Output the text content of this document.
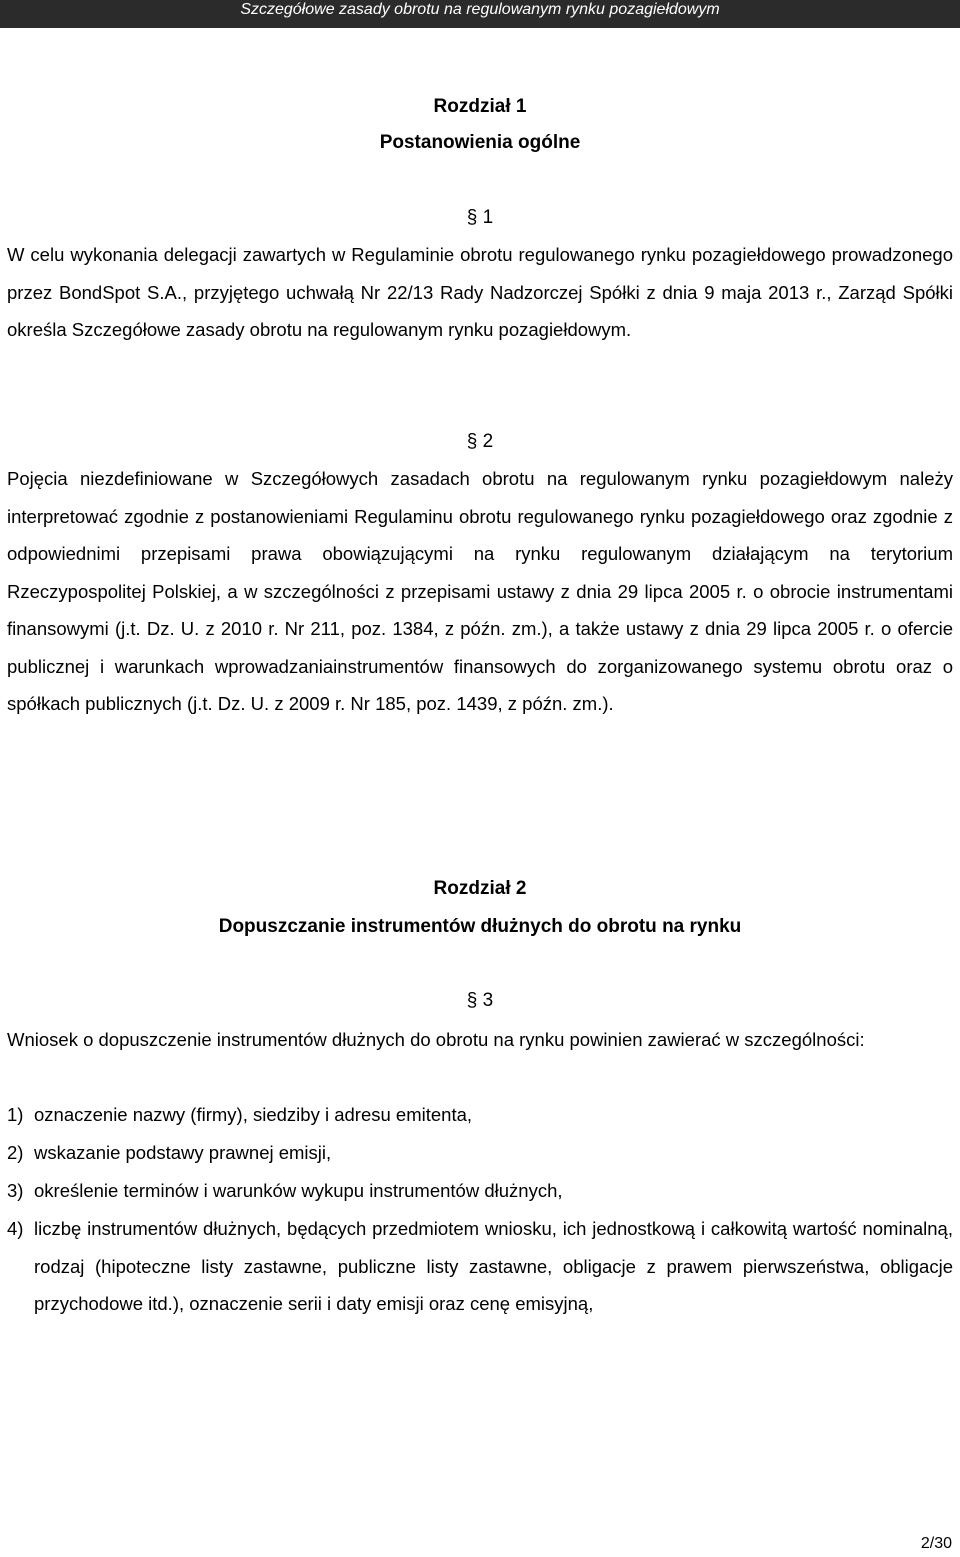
Szczegółowe zasady obrotu na regulowanym rynku pozagiełdowym
Rozdział 1
Postanowienia ogólne
§ 1
W celu wykonania delegacji zawartych w Regulaminie obrotu regulowanego rynku pozagiełdowego prowadzonego przez BondSpot S.A., przyjętego uchwałą Nr 22/13 Rady Nadzorczej Spółki z dnia 9 maja 2013 r., Zarząd Spółki określa Szczegółowe zasady obrotu na regulowanym rynku pozagiełdowym.
§ 2
Pojęcia niezdefiniowane w Szczegółowych zasadach obrotu na regulowanym rynku pozagiełdowym należy interpretować zgodnie z postanowieniami Regulaminu obrotu regulowanego rynku pozagiełdowego oraz zgodnie z odpowiednimi przepisami prawa obowiązującymi na rynku regulowanym działającym na terytorium Rzeczypospolitej Polskiej, a w szczególności z przepisami ustawy z dnia 29 lipca 2005 r. o obrocie instrumentami finansowymi (j.t. Dz. U. z 2010 r. Nr 211, poz. 1384, z późn. zm.), a także ustawy z dnia 29 lipca 2005 r. o ofercie publicznej i warunkach wprowadzaniainstrumentów finansowych do zorganizowanego systemu obrotu oraz o spółkach publicznych (j.t. Dz. U. z 2009 r. Nr 185, poz. 1439, z późn. zm.).
Rozdział 2
Dopuszczanie instrumentów dłużnych do obrotu na rynku
§ 3
Wniosek o dopuszczenie instrumentów dłużnych do obrotu na rynku powinien zawierać w szczególności:
1) oznaczenie nazwy (firmy), siedziby i adresu emitenta,
2) wskazanie podstawy prawnej emisji,
3) określenie terminów i warunków wykupu instrumentów dłużnych,
4) liczbę instrumentów dłużnych, będących przedmiotem wniosku, ich jednostkową i całkowitą wartość nominalną, rodzaj (hipoteczne listy zastawne, publiczne listy zastawne, obligacje z prawem pierwszeństwa, obligacje przychodowe itd.), oznaczenie serii i daty emisji oraz cenę emisyjną,
2/30
